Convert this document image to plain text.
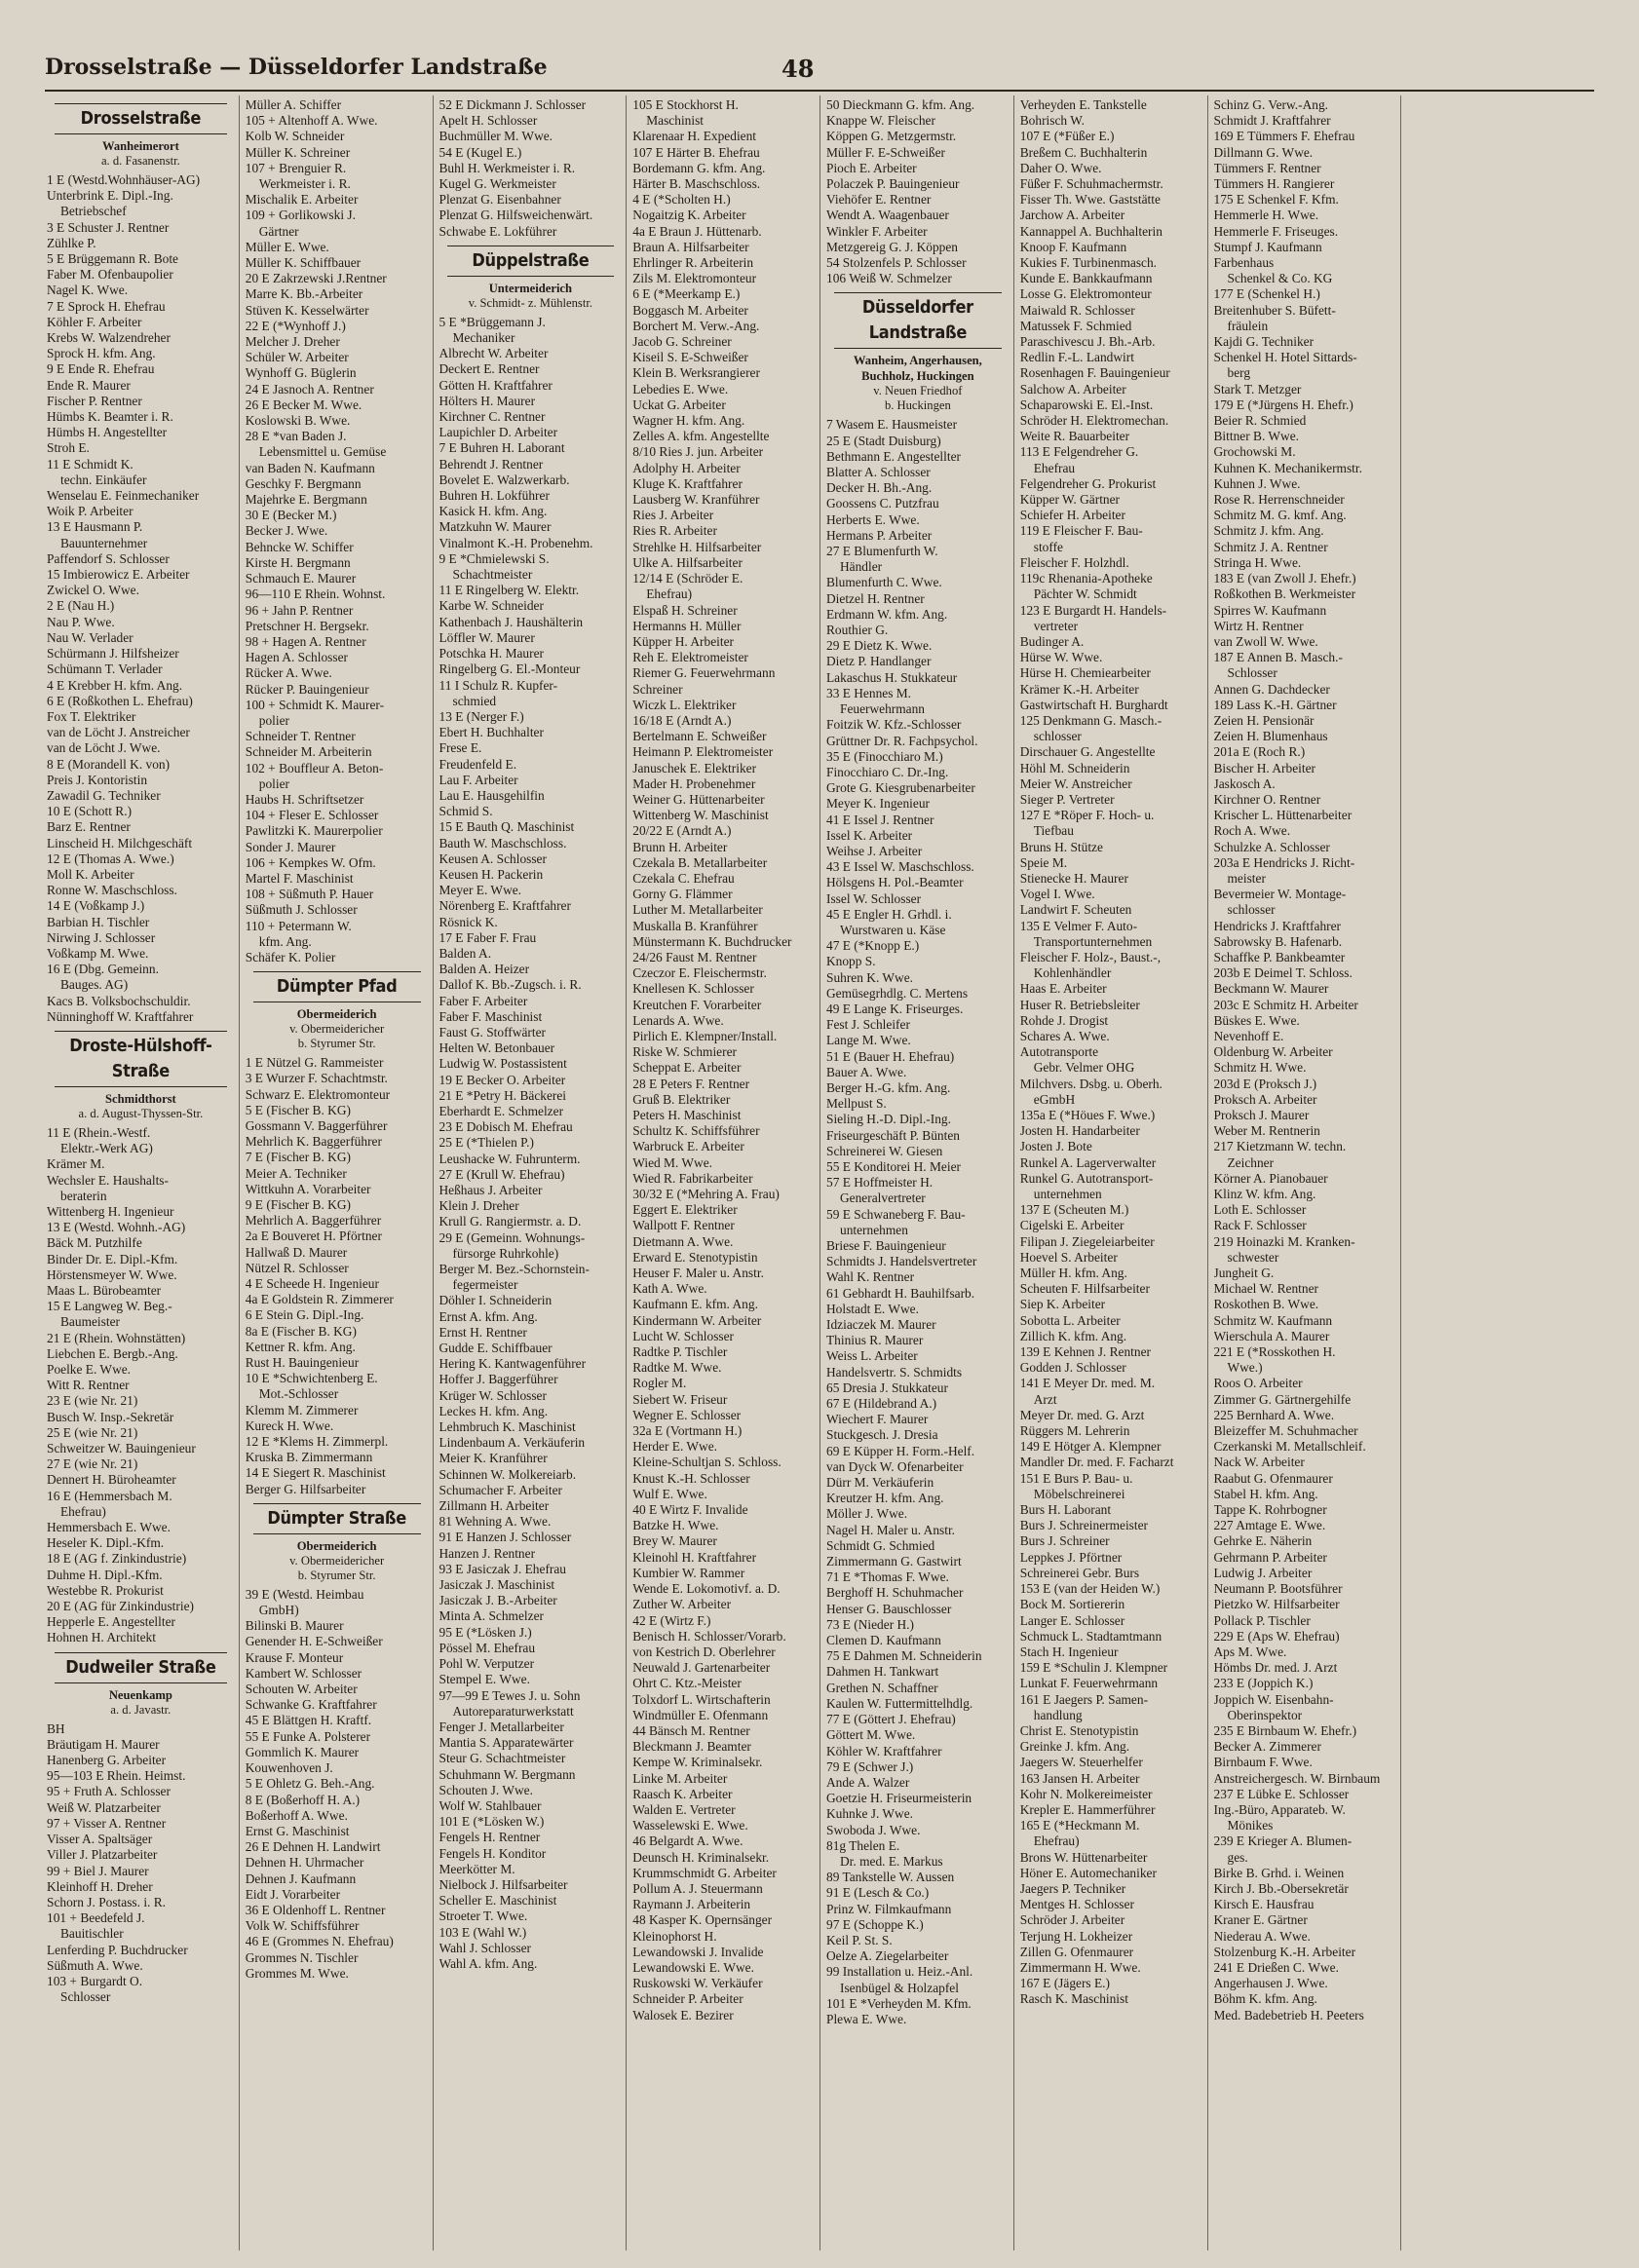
Drosselstraße — Düsseldorfer Landstraße	48
Drosselstraße
Wanheimerort
a. d. Fasanenstr.
1 E (Westd.Wohnhäuser-AG)
Unterbrink E. Dipl.-Ing.
Betriebschef
3 E Schuster J. Rentner
Zühlke P.
5 E Brüggemann R. Bote
Faber M. Ofenbaupolier
Nagel K. Wwe.
7 E Sprock H. Ehefrau
Köhler F. Arbeiter
Krebs W. Walzendreher
Sprock H. kfm. Ang.
9 E Ende R. Ehefrau
Ende R. Maurer
Fischer P. Rentner
Hümbs K. Beamter i. R.
Hümbs H. Angestellter
Stroh E.
11 E Schmidt K.
techn. Einkäufer
Wenselau E. Feinmechaniker
Woik P. Arbeiter
13 E Hausmann P.
Bauunternehmer
Paffendorf S. Schlosser
15 Imbierowicz E. Arbeiter
Zwickel O. Wwe.
2 E (Nau H.)
Nau P. Wwe.
Nau W. Verlader
Schürmann J. Hilfsheizer
Schümann T. Verlader
4 E Krebber H. kfm. Ang.
6 E (Roßkothen L. Ehefrau)
Fox T. Elektriker
van de Löcht J. Anstreicher
van de Löcht J. Wwe.
8 E (Morandell K. von)
Preis J. Kontoristin
Zawadil G. Techniker
10 E (Schott R.)
Barz E. Rentner
Linscheid H. Milchgeschäft
12 E (Thomas A. Wwe.)
Moll K. Arbeiter
Ronne W. Maschschloss.
14 E (Voßkamp J.)
Barbian H. Tischler
Nirwing J. Schlosser
Voßkamp M. Wwe.
16 E (Dbg. Gemeinn.
Bauges. AG)
Kacs B. Volksbochschuldir.
Nünninghoff W. Kraftfahrer
Droste-Hülshoff-Straße
Schmidthorst
a. d. August-Thyssen-Str.
11 E (Rhein.-Westf.
Elektr.-Werk AG)
Krämer M.
Wechsler E. Haushalts-
beraterin
Wittenberg H. Ingenieur
13 E (Westd. Wohnh.-AG)
Bäck M. Putzhilfe
Binder Dr. E. Dipl.-Kfm.
Hörstensmeyer W. Wwe.
Maas L. Bürobeamter
15 E Langweg W. Beg.-
Baumeister
21 E (Rhein. Wohnstätten)
Liebchen E. Bergb.-Ang.
Poelke E. Wwe.
Witt R. Rentner
23 E (wie Nr. 21)
Busch W. Insp.-Sekretär
25 E (wie Nr. 21)
Schweitzer W. Bauingenieur
27 E (wie Nr. 21)
Dennert H. Büroheamter
16 E (Hemmersbach M.
Ehefrau)
Hemmersbach E. Wwe.
Heseler K. Dipl.-Kfm.
18 E (AG f. Zinkindustrie)
Duhme H. Dipl.-Kfm.
Westebbe R. Prokurist
20 E (AG für Zinkindustrie)
Hepperle E. Angestellter
Hohnen H. Architekt
Dudweiler Straße
Neuenkamp
a. d. Javastr.
BH
Bräutigam H. Maurer
Hanenberg G. Arbeiter
95—103 E Rhein. Heimst.
95 + Fruth A. Schlosser
Weiß W. Platzarbeiter
97 + Visser A. Rentner
Visser A. Spaltsäger
Viller J. Platzarbeiter
99 + Biel J. Maurer
Kleinhoff H. Dreher
Schorn J. Postass. i. R.
101 + Beedefeld J.
Bauitischler
Lenferding P. Buchdrucker
Süßmuth A. Wwe.
103 + Burgardt O.
Schlosser
Müller A. Schiffer
105 + Altenhoff A. Wwe.
Kolb W. Schneider
Müller K. Schreiner
107 + Brenguier R.
Werkmeister i. R.
Mischalik E. Arbeiter
109 + Gorlikowski J.
Gärtner
Müller E. Wwe.
Müller K. Schiffbauer
20 E Zakrzewski J.Rentner
Marre K. Bb.-Arbeiter
Stüven K. Kesselwärter
22 E (*Wynhoff J.)
Melcher J. Dreher
Schüler W. Arbeiter
Wynhoff G. Büglerin
24 E Jasnoch A. Rentner
26 E Becker M. Wwe.
Koslowski B. Wwe.
28 E *van Baden J.
Lebensmittel u. Gemüse
van Baden N. Kaufmann
Geschky F. Bergmann
Majehrke E. Bergmann
30 E (Becker M.)
Becker J. Wwe.
Behncke W. Schiffer
Kirste H. Bergmann
Schmauch E. Maurer
96—110 E Rhein. Wohnst.
96 + Jahn P. Rentner
Pretschner H. Bergsekr.
98 + Hagen A. Rentner
Hagen A. Schlosser
Rücker A. Wwe.
Rücker P. Bauingenieur
100 + Schmidt K. Maurer-
polier
Schneider T. Rentner
Schneider M. Arbeiterin
102 + Bouffleur A. Beton-
polier
Haubs H. Schriftsetzer
104 + Fleser E. Schlosser
Pawlitzki K. Maurerpolier
Sonder J. Maurer
106 + Kempkes W. Ofm.
Martel F. Maschinist
108 + Süßmuth P. Hauer
Süßmuth J. Schlosser
110 + Petermann W.
kfm. Ang.
Schäfer K. Polier
Dümpter Pfad
Obermeiderich
v. Obermeidericher
b. Styrumer Str.
1 E Nützel G. Rammeister
3 E Wurzer F. Schachtmstr.
Schwarz E. Elektromonteur
5 E (Fischer B. KG)
Gossmann V. Baggerführer
Mehrlich K. Baggerführer
7 E (Fischer B. KG)
Meier A. Techniker
Wittkuhn A. Vorarbeiter
9 E (Fischer B. KG)
Mehrlich A. Baggerführer
2a E Bouveret H. Pförtner
Hallwaß D. Maurer
Nützel R. Schlosser
4 E Scheede H. Ingenieur
4a E Goldstein R. Zimmerer
6 E Stein G. Dipl.-Ing.
8a E (Fischer B. KG)
Kettner R. kfm. Ang.
Rust H. Bauingenieur
10 E *Schwichtenberg E.
Mot.-Schlosser
Klemm M. Zimmerer
Kureck H. Wwe.
12 E *Klems H. Zimmerpl.
Kruska B. Zimmermann
14 E Siegert R. Maschinist
Berger G. Hilfsarbeiter
Dümpter Straße
Obermeiderich
v. Obermeidericher
b. Styrumer Str.
39 E (Westd. Heimbau
GmbH)
Bilinski B. Maurer
Genender H. E-Schweißer
Krause F. Monteur
Kambert W. Schlosser
Schouten W. Arbeiter
Schwanke G. Kraftfahrer
45 E Blättgen H. Kraftf.
55 E Funke A. Polsterer
Gommlich K. Maurer
Kouwenhoven J.
5 E Ohletz G. Beh.-Ang.
8 E (Boßerhoff H. A.)
Boßerhoff A. Wwe.
Ernst G. Maschinist
26 E Dehnen H. Landwirt
Dehnen H. Uhrmacher
Dehnen J. Kaufmann
Eidt J. Vorarbeiter
36 E Oldenhoff L. Rentner
Volk W. Schiffsführer
46 E (Grommes N. Ehefrau)
Grommes N. Tischler
Grommes M. Wwe.
52 E Dickmann J. Schlosser
Apelt H. Schlosser
Buchmüller M. Wwe.
54 E (Kugel E.)
Buhl H. Werkmeister i. R.
Kugel G. Werkmeister
Plenzat G. Eisenbahner
Plenzat G. Hilfsweichenwärt.
Schwabe E. Lokführer
Düppelstraße
Untermeiderich
v. Schmidt- z. Mühlenstr.
5 E *Brüggemann J.
Mechaniker
Albrecht W. Arbeiter
Deckert E. Rentner
Götten H. Kraftfahrer
Hölters H. Maurer
Kirchner C. Rentner
Laupichler D. Arbeiter
7 E Buhren H. Laborant
Behrendt J. Rentner
Bovelet E. Walzwerkarb.
Buhren H. Lokführer
Kasick H. kfm. Ang.
Matzkuhn W. Maurer
Vinalmont K.-H. Probenehm.
9 E *Chmielewski S.
Schachtmeister
11 E Ringelberg W. Elektr.
Karbe W. Schneider
Kathenbach J. Haushälterin
Löffler W. Maurer
Potschka H. Maurer
Ringelberg G. El.-Monteur
11 I Schulz R. Kupfer-
schmied
13 E (Nerger F.)
Ebert H. Buchhalter
Frese E.
Freudenfeld E.
Lau F. Arbeiter
Lau E. Hausgehilfin
Schmid S.
15 E Bauth Q. Maschinist
Bauth W. Maschschloss.
Keusen A. Schlosser
Keusen H. Packerin
Meyer E. Wwe.
Nörenberg E. Kraftfahrer
Rösnick K.
17 E Faber F. Frau
Balden A.
Balden A. Heizer
Dallof K. Bb.-Zugsch. i. R.
Faber F. Arbeiter
Faber F. Maschinist
Faust G. Stoffwärter
Helten W. Betonbauer
Ludwig W. Postassistent
19 E Becker O. Arbeiter
21 E *Petry H. Bäckerei
Eberhardt E. Schmelzer
23 E Dobisch M. Ehefrau
25 E (*Thielen P.)
Leushacke W. Fuhrunterm.
27 E (Krull W. Ehefrau)
Heßhaus J. Arbeiter
Klein J. Dreher
Krull G. Rangiermstr. a. D.
29 E (Gemeinn. Wohnungs-
fürsorge Ruhrkohle)
Berger M. Bez.-Schornstein-
fegermeister
Döhler I. Schneiderin
Ernst A. kfm. Ang.
Ernst H. Rentner
Gudde E. Schiffbauer
Hering K. Kantwagenführer
Hoffer J. Baggerführer
Krüger W. Schlosser
Leckes H. kfm. Ang.
Lehmbruch K. Maschinist
Lindenbaum A. Verkäuferin
Meier K. Kranführer
Schinnen W. Molkereiarb.
Schumacher F. Arbeiter
Zillmann H. Arbeiter
81 Wehning A. Wwe.
91 E Hanzen J. Schlosser
Hanzen J. Rentner
93 E Jasiczak J. Ehefrau
Jasiczak J. Maschinist
Jasiczak J. B.-Arbeiter
Minta A. Schmelzer
95 E (*Lösken J.)
Pössel M. Ehefrau
Pohl W. Verputzer
Stempel E. Wwe.
97—99 E Tewes J. u. Sohn
Autoreparaturwerkstatt
Fenger J. Metallarbeiter
Mantia S. Apparatewärter
Steur G. Schachtmeister
Schuhmann W. Bergmann
Schouten J. Wwe.
Wolf W. Stahlbauer
101 E (*Lösken W.)
Fengels H. Rentner
Fengels H. Konditor
Meerkötter M.
Nielbock J. Hilfsarbeiter
Scheller E. Maschinist
Stroeter T. Wwe.
103 E (Wahl W.)
Wahl J. Schlosser
Wahl A. kfm. Ang.
105 E Stockhorst H.
Maschinist
Klarenaar H. Expedient
107 E Härter B. Ehefrau
Bordemann G. kfm. Ang.
Härter B. Maschschloss.
4 E (*Scholten H.)
Nogaitzig K. Arbeiter
4a E Braun J. Hüttenarb.
Braun A. Hilfsarbeiter
Ehrlinger R. Arbeiterin
Zils M. Elektromonteur
6 E (*Meerkamp E.)
Boggasch M. Arbeiter
Borchert M. Verw.-Ang.
Jacob G. Schreiner
Kiseil S. E-Schweißer
Klein B. Werksrangierer
Lebedies E. Wwe.
Uckat G. Arbeiter
Wagner H. kfm. Ang.
Zelles A. kfm. Angestellte
8/10 Ries J. jun. Arbeiter
Adolphy H. Arbeiter
Kluge K. Kraftfahrer
Lausberg W. Kranführer
Ries J. Arbeiter
Ries R. Arbeiter
Strehlke H. Hilfsarbeiter
Ulke A. Hilfsarbeiter
12/14 E (Schröder E.
Ehefrau)
Elspaß H. Schreiner
Hermanns H. Müller
Küpper H. Arbeiter
Reh E. Elektromeister
Riemer G. Feuerwehrmann
Schreiner
Wiczk L. Elektriker
16/18 E (Arndt A.)
Bertelmann E. Schweißer
Heimann P. Elektromeister
Januschek E. Elektriker
Mader H. Probenehmer
Weiner G. Hüttenarbeiter
Wittenberg W. Maschinist
20/22 E (Arndt A.)
Brunn H. Arbeiter
Czekala B. Metallarbeiter
Czekala C. Ehefrau
Gorny G. Flämmer
Luther M. Metallarbeiter
Muskalla B. Kranführer
Münstermann K. Buchdrucker
24/26 Faust M. Rentner
Czeczor E. Fleischermstr.
Knellesen K. Schlosser
Kreutchen F. Vorarbeiter
Lenards A. Wwe.
Pirlich E. Klempner/Install.
Riske W. Schmierer
Scheppat E. Arbeiter
28 E Peters F. Rentner
Gruß B. Elektriker
Peters H. Maschinist
Schultz K. Schiffsführer
Warbruck E. Arbeiter
Wied M. Wwe.
Wied R. Fabrikarbeiter
30/32 E (*Mehring A. Frau)
Eggert E. Elektriker
Wallpott F. Rentner
Dietmann A. Wwe.
Erward E. Stenotypistin
Heuser F. Maler u. Anstr.
Kath A. Wwe.
Kaufmann E. kfm. Ang.
Kindermann W. Arbeiter
Lucht W. Schlosser
Radtke P. Tischler
Radtke M. Wwe.
Rogler M.
Siebert W. Friseur
Wegner E. Schlosser
32a E (Vortmann H.)
Herder E. Wwe.
Kleine-Schultjan S. Schloss.
Knust K.-H. Schlosser
Wulf E. Wwe.
40 E Wirtz F. Invalide
Batzke H. Wwe.
Brey W. Maurer
Kleinohl H. Kraftfahrer
Kumbier W. Rammer
Wende E. Lokomotivf. a. D.
Zuther W. Arbeiter
42 E (Wirtz F.)
Benisch H. Schlosser/Vorarb.
von Kestrich D. Oberlehrer
Neuwald J. Gartenarbeiter
Ohrt C. Ktz.-Meister
Tolxdorf L. Wirtschafterin
Windmüller E. Ofenmann
44 Bänsch M. Rentner
Bleckmann J. Beamter
Kempe W. Kriminalsekr.
Linke M. Arbeiter
Raasch K. Arbeiter
Walden E. Vertreter
Wasselewski E. Wwe.
46 Belgardt A. Wwe.
Deunsch H. Kriminalsekr.
Krummschmidt G. Arbeiter
Pollum A. J. Steuermann
Raymann J. Arbeiterin
48 Kasper K. Opernsänger
Kleinophorst H.
Lewandowski J. Invalide
Lewandowski E. Wwe.
Ruskowski W. Verkäufer
Schneider P. Arbeiter
Walosek E. Bezirer
50 Dieckmann G. kfm. Ang.
Knappe W. Fleischer
Köppen G. Metzgermstr.
Müller F. E-Schweißer
Pioch E. Arbeiter
Polaczek P. Bauingenieur
Viehöfer E. Rentner
Wendt A. Waagenbauer
Winkler F. Arbeiter
Metzgereig G. J. Köppen
54 Stolzenfels P. Schlosser
106 Weiß W. Schmelzer
Düsseldorfer Landstraße
Wanheim, Angerhausen, Buchholz, Huckingen
v. Neuen Friedhof
b. Huckingen
7 Wasem E. Hausmeister
25 E (Stadt Duisburg)
Bethmann E. Angestellter
Blatter A. Schlosser
Decker H. Bh.-Ang.
Goossens C. Putzfrau
Herberts E. Wwe.
Hermans P. Arbeiter
27 E Blumenfurth W.
Händler
Blumenfurth C. Wwe.
Dietzel H. Rentner
Erdmann W. kfm. Ang.
Routhier G.
29 E Dietz K. Wwe.
Dietz P. Handlanger
Lakaschus H. Stukkateur
33 E Hennes M.
Feuerwehrmann
Foitzik W. Kfz.-Schlosser
Grüttner Dr. R. Fachpsychol.
35 E (Finocchiaro M.)
Finocchiaro C. Dr.-Ing.
Grote G. Kiesgrubenarbeiter
Meyer K. Ingenieur
41 E Issel J. Rentner
Issel K. Arbeiter
Weihse J. Arbeiter
43 E Issel W. Maschschloss.
Hölsgens H. Pol.-Beamter
Issel W. Schlosser
45 E Engler H. Grhdl. i.
Wurstwaren u. Käse
47 E (*Knopp E.)
Knopp S.
Suhren K. Wwe.
Gemüsegrhdlg. C. Mertens
49 E Lange K. Friseurges.
Fest J. Schleifer
Lange M. Wwe.
51 E (Bauer H. Ehefrau)
Bauer A. Wwe.
Berger H.-G. kfm. Ang.
Mellpust S.
Sieling H.-D. Dipl.-Ing.
Friseurgeschäft P. Bünten
Schreinerei W. Giesen
55 E Konditorei H. Meier
57 E Hoffmeister H.
Generalvertreter
59 E Schwaneberg F. Bau-
unternehmen
Briese F. Bauingenieur
Schmidts J. Handelsvertreter
Wahl K. Rentner
61 Gebhardt H. Bauhilfsarb.
Holstadt E. Wwe.
Idziaczek M. Maurer
Thinius R. Maurer
Weiss L. Arbeiter
Handelsvertr. S. Schmidts
65 Dresia J. Stukkateur
67 E (Hildebrand A.)
Wiechert F. Maurer
Stuckgesch. J. Dresia
69 E Küpper H. Form.-Helf.
van Dyck W. Ofenarbeiter
Dürr M. Verkäuferin
Kreutzer H. kfm. Ang.
Möller J. Wwe.
Nagel H. Maler u. Anstr.
Schmidt G. Schmied
Zimmermann G. Gastwirt
71 E *Thomas F. Wwe.
Berghoff H. Schuhmacher
Henser G. Bauschlosser
73 E (Nieder H.)
Clemen D. Kaufmann
75 E Dahmen M. Schneiderin
Dahmen H. Tankwart
Grethen N. Schaffner
Kaulen W. Futtermittelhdlg.
77 E (Göttert J. Ehefrau)
Göttert M. Wwe.
Köhler W. Kraftfahrer
79 E (Schwer J.)
Ande A. Walzer
Goetzie H. Friseurmeisterin
Kuhnke J. Wwe.
Swoboda J. Wwe.
81g Thelen E.
Dr. med. E. Markus
89 Tankstelle W. Aussen
91 E (Lesch & Co.)
Prinz W. Filmkaufmann
97 E (Schoppe K.)
Keil P. St. S.
Oelze A. Ziegelarbeiter
99 Installation u. Heiz.-Anl.
Isenbügel & Holzapfel
101 E *Verheyden M. Kfm.
Plewa E. Wwe.
Verheyden E. Tankstelle
Bohrisch W.
107 E (*Füßer E.)
Breßem C. Buchhalterin
Daher O. Wwe.
Füßer F. Schuhmachermstr.
Fisser Th. Wwe. Gaststätte
Jarchow A. Arbeiter
Kannappel A. Buchhalterin
Knoop F. Kaufmann
Kukies F. Turbinenmasch.
Kunde E. Bankkaufmann
Losse G. Elektromonteur
Maiwald R. Schlosser
Matussek F. Schmied
Paraschivescu J. Bh.-Arb.
Redlin F.-L. Landwirt
Rosenhagen F. Bauingenieur
Salchow A. Arbeiter
Schaparowski E. El.-Inst.
Schröder H. Elektromechan.
Weite R. Bauarbeiter
113 E Felgendreher G.
Ehefrau
Felgendreher G. Prokurist
Küpper W. Gärtner
Schiefer H. Arbeiter
119 E Fleischer F. Bau-
stoffe
Fleischer F. Holzhdl.
119c Rhenania-Apotheke
Pächter W. Schmidt
123 E Burgardt H. Handels-
vertreter
Budinger A.
Hürse W. Wwe.
Hürse H. Chemiearbeiter
Krämer K.-H. Arbeiter
Gastwirtschaft H. Burghardt
125 Denkmann G. Masch.-
schlosser
Dirschauer G. Angestellte
Höhl M. Schneiderin
Meier W. Anstreicher
Sieger P. Vertreter
127 E *Röper F. Hoch- u.
Tiefbau
Bruns H. Stütze
Speie M.
Stienecke H. Maurer
Vogel I. Wwe.
Landwirt F. Scheuten
135 E Velmer F. Auto-
Transportunternehmen
Fleischer F. Holz-, Baust.-,
Kohlenhändler
Haas E. Arbeiter
Huser R. Betriebsleiter
Rohde J. Drogist
Schares A. Wwe.
Autotransporte
Gebr. Velmer OHG
Milchvers. Dsbg. u. Oberh.
eGmbH
135a E (*Höues F. Wwe.)
Josten H. Handarbeiter
Josten J. Bote
Runkel A. Lagerverwalter
Runkel G. Autotransport-
unternehmen
137 E (Scheuten M.)
Cigelski E. Arbeiter
Filipan J. Ziegeleiarbeiter
Hoevel S. Arbeiter
Müller H. kfm. Ang.
Scheuten F. Hilfsarbeiter
Siep K. Arbeiter
Sobotta L. Arbeiter
Zillich K. kfm. Ang.
139 E Kehnen J. Rentner
Godden J. Schlosser
141 E Meyer Dr. med. M.
Arzt
Meyer Dr. med. G. Arzt
Rüggers M. Lehrerin
149 E Hötger A. Klempner
Mandler Dr. med. F. Facharzt
151 E Burs P. Bau- u.
Möbelschreinerei
Burs H. Laborant
Burs J. Schreinermeister
Burs J. Schreiner
Leppkes J. Pförtner
Schreinerei Gebr. Burs
153 E (van der Heiden W.)
Bock M. Sortiererin
Langer E. Schlosser
Schmuck L. Stadtamtmann
Stach H. Ingenieur
159 E *Schulin J. Klempner
Lunkat F. Feuerwehrmann
161 E Jaegers P. Samen-
handlung
Christ E. Stenotypistin
Greinke J. kfm. Ang.
Jaegers W. Steuerhelfer
163 Jansen H. Arbeiter
Kohr N. Molkereimeister
Krepler E. Hammerführer
165 E (*Heckmann M.
Ehefrau)
Brons W. Hüttenarbeiter
Höner E. Automechaniker
Jaegers P. Techniker
Mentges H. Schlosser
Schröder J. Arbeiter
Terjung H. Lokheizer
Zillen G. Ofenmaurer
Zimmermann H. Wwe.
167 E (Jägers E.)
Rasch K. Maschinist
Schinz G. Verw.-Ang.
Schmidt J. Kraftfahrer
169 E Tümmers F. Ehefrau
Dillmann G. Wwe.
Tümmers F. Rentner
Tümmers H. Rangierer
175 E Schenkel F. Kfm.
Hemmerle H. Wwe.
Hemmerle F. Friseuges.
Stumpf J. Kaufmann
Farbenhaus
Schenkel & Co. KG
177 E (Schenkel H.)
Breitenhuber S. Büfett-
fräulein
Kajdi G. Techniker
Schenkel H. Hotel Sittards-
berg
Stark T. Metzger
179 E (*Jürgens H. Ehefr.)
Beier R. Schmied
Bittner B. Wwe.
Grochowski M.
Kuhnen K. Mechanikermstr.
Kuhnen J. Wwe.
Rose R. Herrenschneider
Schmitz M. G. kmf. Ang.
Schmitz J. kfm. Ang.
Schmitz J. A. Rentner
Stringa H. Wwe.
183 E (van Zwoll J. Ehefr.)
Roßkothen B. Werkmeister
Spirres W. Kaufmann
Wirtz H. Rentner
van Zwoll W. Wwe.
187 E Annen B. Masch.-
Schlosser
Annen G. Dachdecker
189 Lass K.-H. Gärtner
Zeien H. Pensionär
Zeien H. Blumenhaus
201a E (Roch R.)
Bischer H. Arbeiter
Jaskosch A.
Kirchner O. Rentner
Krischer L. Hüttenarbeiter
Roch A. Wwe.
Schulzke A. Schlosser
203a E Hendricks J. Richt-
meister
Bevermeier W. Montage-
schlosser
Hendricks J. Kraftfahrer
Sabrowsky B. Hafenarb.
Schaffke P. Bankbeamter
203b E Deimel T. Schloss.
Beckmann W. Maurer
203c E Schmitz H. Arbeiter
Büskes E. Wwe.
Nevenhoff E.
Oldenburg W. Arbeiter
Schmitz H. Wwe.
203d E (Proksch J.)
Proksch A. Arbeiter
Proksch J. Maurer
Weber M. Rentnerin
217 Kietzmann W. techn.
Zeichner
Körner A. Pianobauer
Klinz W. kfm. Ang.
Loth E. Schlosser
Rack F. Schlosser
219 Hoinazki M. Kranken-
schwester
Jungheit G.
Michael W. Rentner
Roskothen B. Wwe.
Schmitz W. Kaufmann
Wierschula A. Maurer
221 E (*Rosskothen H.
Wwe.)
Roos O. Arbeiter
Zimmer G. Gärtnergehilfe
225 Bernhard A. Wwe.
Bleizeffer M. Schuhmacher
Czerkanski M. Metallschleif.
Nack W. Arbeiter
Raabut G. Ofenmaurer
Stabel H. kfm. Ang.
Tappe K. Rohrbogner
227 Amtage E. Wwe.
Gehrke E. Näherin
Gehrmann P. Arbeiter
Ludwig J. Arbeiter
Neumann P. Bootsführer
Pietzko W. Hilfsarbeiter
Pollack P. Tischler
229 E (Aps W. Ehefrau)
Aps M. Wwe.
Hömbs Dr. med. J. Arzt
233 E (Joppich K.)
Joppich W. Eisenbahn-
Oberinspektor
235 E Birnbaum W. Ehefr.)
Becker A. Zimmerer
Birnbaum F. Wwe.
Anstreichergesch. W. Birnbaum
237 E Lübke E. Schlosser
Ing.-Büro, Apparateb. W.
Mönikes
239 E Krieger A. Blumen-
ges.
Birke B. Grhd. i. Weinen
Kirch J. Bb.-Obersekretär
Kirsch E. Hausfrau
Kraner E. Gärtner
Niederau A. Wwe.
Stolzenburg K.-H. Arbeiter
241 E Drießen C. Wwe.
Angerhausen J. Wwe.
Böhm K. kfm. Ang.
Med. Badebetrieb H. Peeters
